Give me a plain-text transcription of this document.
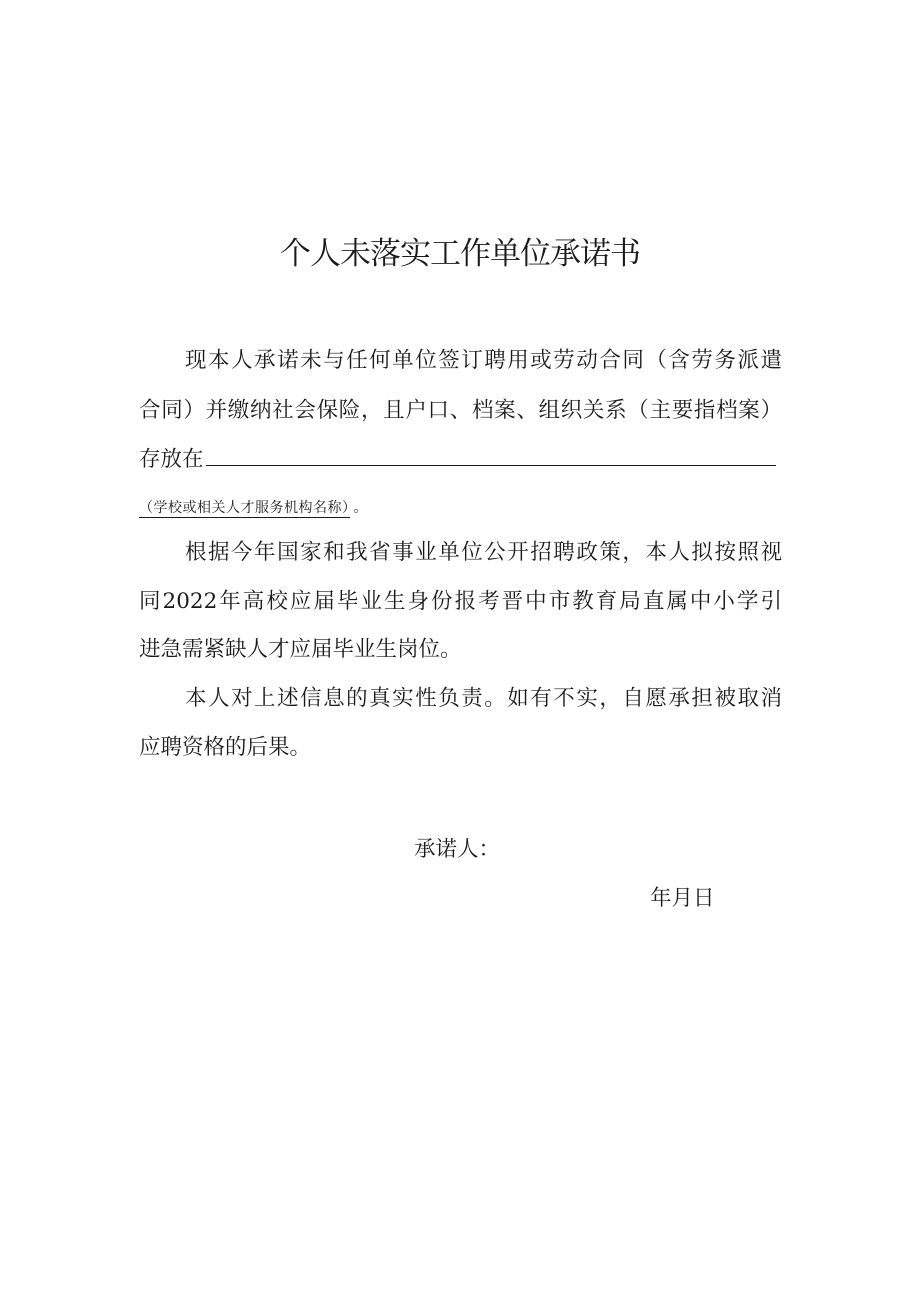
个人未落实工作单位承诺书
现本人承诺未与任何单位签订聘用或劳动合同（含劳务派遣
合同）并缴纳社会保险，且户口、档案、组织关系（主要指档案）
存放在
（学校或相关人才服务机构名称） 。
根据今年国家和我省事业单位公开招聘政策，本人拟按照视
同2022年高校应届毕业生身份报考晋中市教育局直属中小学引
进急需紧缺人才应届毕业生岗位。
本人对上述信息的真实性负责。如有不实，自愿承担被取消
应聘资格的后果。
承诺人：
年月日
